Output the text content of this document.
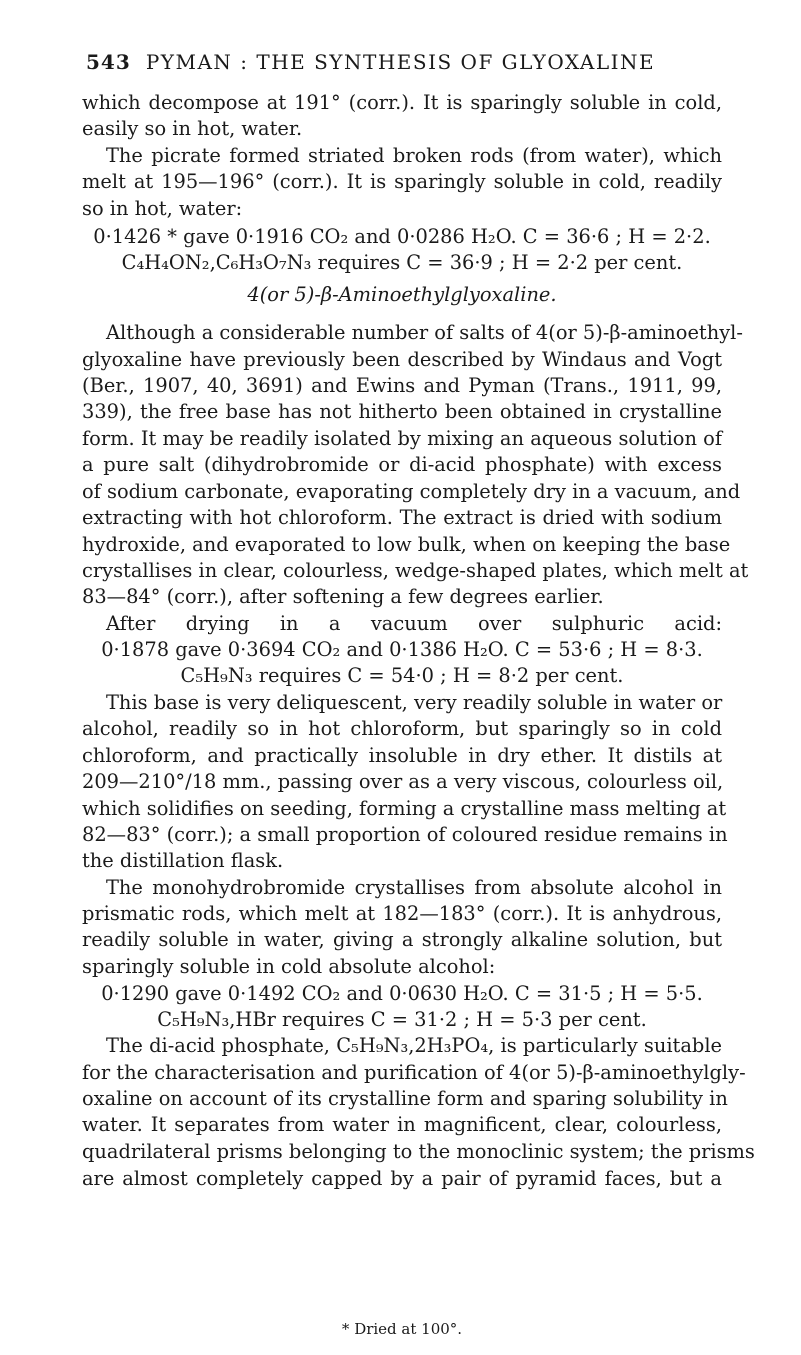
543 PYMAN : THE SYNTHESIS OF GLYOXALINE
which decompose at 191° (corr.). It is sparingly soluble in cold,
easily so in hot, water.
The picrate formed striated broken rods (from water), which
melt at 195—196° (corr.). It is sparingly soluble in cold, readily
so in hot, water:
0·1426 * gave 0·1916 CO₂ and 0·0286 H₂O. C = 36·6 ; H = 2·2.
C₄H₄ON₂,C₆H₃O₇N₃ requires C = 36·9 ; H = 2·2 per cent.
4(or 5)-β-Aminoethylglyoxaline.
Although a considerable number of salts of 4(or 5)-β-aminoethyl-
glyoxaline have previously been described by Windaus and Vogt
(Ber., 1907, 40, 3691) and Ewins and Pyman (Trans., 1911, 99,
339), the free base has not hitherto been obtained in crystalline
form. It may be readily isolated by mixing an aqueous solution of
a pure salt (dihydrobromide or di-acid phosphate) with excess
of sodium carbonate, evaporating completely dry in a vacuum, and
extracting with hot chloroform. The extract is dried with sodium
hydroxide, and evaporated to low bulk, when on keeping the base
crystallises in clear, colourless, wedge-shaped plates, which melt at
83—84° (corr.), after softening a few degrees earlier.
After drying in a vacuum over sulphuric acid:
0·1878 gave 0·3694 CO₂ and 0·1386 H₂O. C = 53·6 ; H = 8·3.
C₅H₉N₃ requires C = 54·0 ; H = 8·2 per cent.
This base is very deliquescent, very readily soluble in water or
alcohol, readily so in hot chloroform, but sparingly so in cold
chloroform, and practically insoluble in dry ether. It distils at
209—210°/18 mm., passing over as a very viscous, colourless oil,
which solidifies on seeding, forming a crystalline mass melting at
82—83° (corr.); a small proportion of coloured residue remains in
the distillation flask.
The monohydrobromide crystallises from absolute alcohol in
prismatic rods, which melt at 182—183° (corr.). It is anhydrous,
readily soluble in water, giving a strongly alkaline solution, but
sparingly soluble in cold absolute alcohol:
0·1290 gave 0·1492 CO₂ and 0·0630 H₂O. C = 31·5 ; H = 5·5.
C₅H₉N₃,HBr requires C = 31·2 ; H = 5·3 per cent.
The di-acid phosphate, C₅H₉N₃,2H₃PO₄, is particularly suitable
for the characterisation and purification of 4(or 5)-β-aminoethylgly-
oxaline on account of its crystalline form and sparing solubility in
water. It separates from water in magnificent, clear, colourless,
quadrilateral prisms belonging to the monoclinic system; the prisms
are almost completely capped by a pair of pyramid faces, but a
* Dried at 100°.
